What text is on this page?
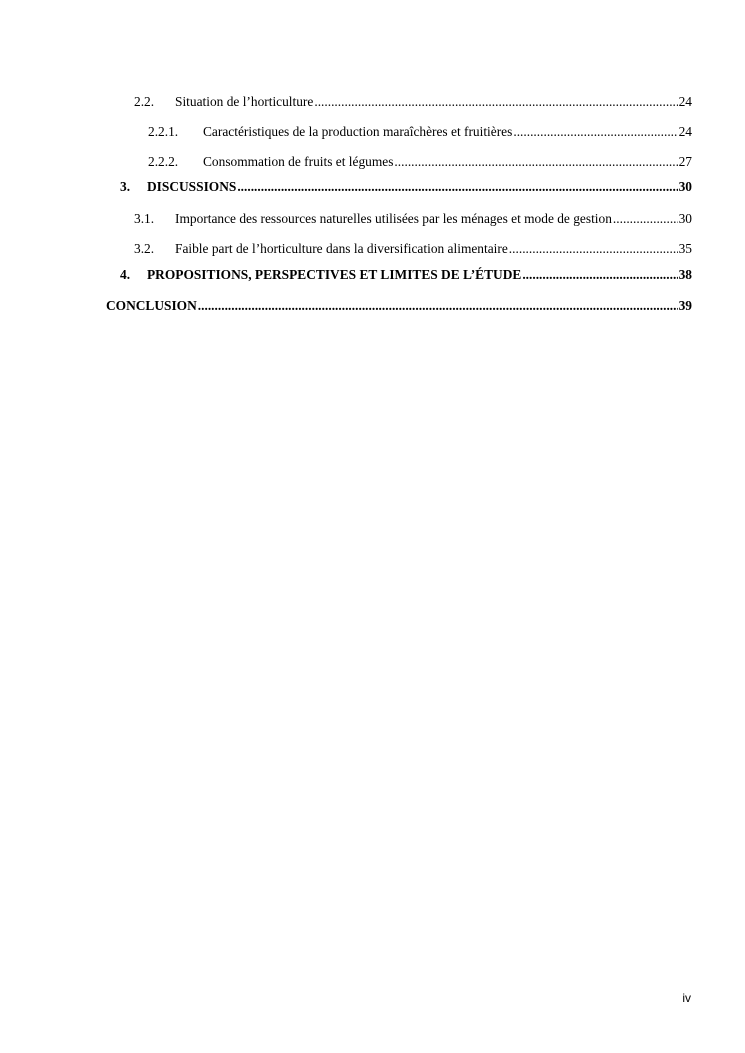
2.2.	Situation de l’horticulture .....	24
2.2.1.	Caractéristiques de la production maraîchères et fruitières .....	24
2.2.2.	Consommation de fruits et légumes .....	27
3.	DISCUSSIONS .....	30
3.1.	Importance des ressources naturelles utilisées par les ménages et mode de gestion .....	30
3.2.	Faible part de l’horticulture dans la diversification alimentaire .....	35
4.	PROPOSITIONS, PERSPECTIVES ET LIMITES DE L’ÉTUDE .....	38
CONCLUSION .....	39
iv
